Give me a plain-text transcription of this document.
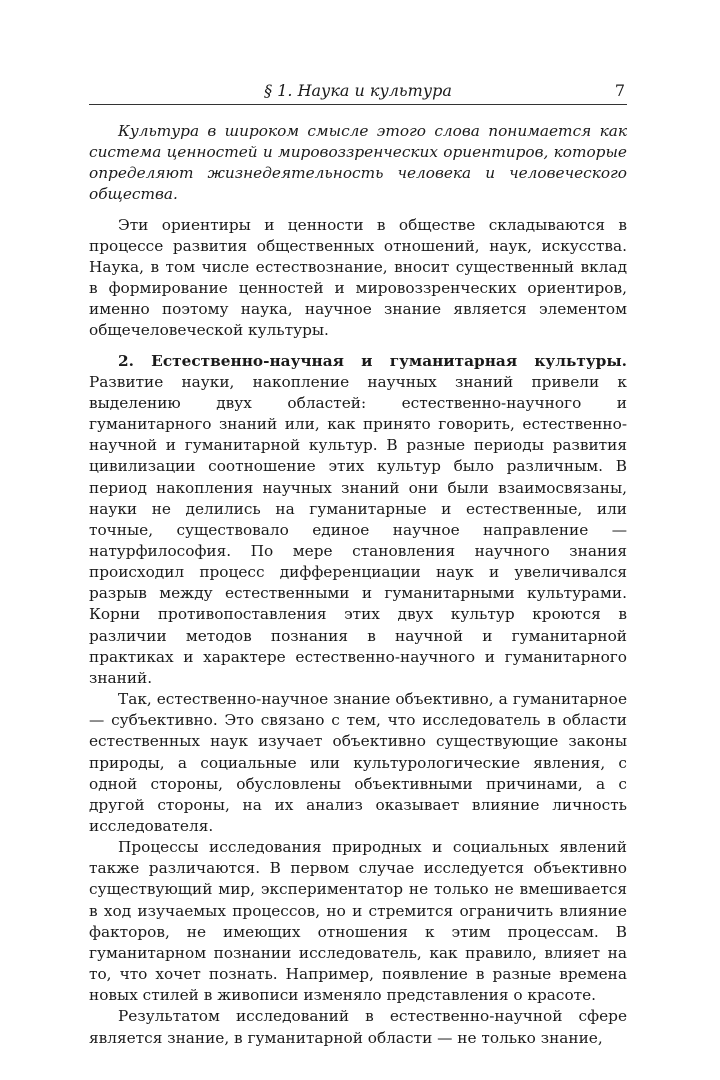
§ 1. Наука и культура	7

Культура в широком смысле этого слова понимается как система ценностей и мировоззренческих ориентиров, которые определяют жизнедеятельность человека и человеческого общества.

Эти ориентиры и ценности в обществе складываются в процессе развития общественных отношений, наук, искусства. Наука, в том числе естествознание, вносит существенный вклад в формирование ценностей и мировоззренческих ориентиров, именно поэтому наука, научное знание является элементом общечеловеческой культуры.

2. Естественно-научная и гуманитарная культуры. Развитие науки, накопление научных знаний привели к выделению двух областей: естественно-научного и гуманитарного знаний или, как принято говорить, естественно-научной и гуманитарной культур. В разные периоды развития цивилизации соотношение этих культур было различным. В период накопления научных знаний они были взаимосвязаны, науки не делились на гуманитарные и естественные, или точные, существовало единое научное направление — натурфилософия. По мере становления научного знания происходил процесс дифференциации наук и увеличивался разрыв между естественными и гуманитарными культурами. Корни противопоставления этих двух культур кроются в различии методов познания в научной и гуманитарной практиках и характере естественно-научного и гуманитарного знаний.

Так, естественно-научное знание объективно, а гуманитарное — субъективно. Это связано с тем, что исследователь в области естественных наук изучает объективно существующие законы природы, а социальные или культурологические явления, с одной стороны, обусловлены объективными причинами, а с другой стороны, на их анализ оказывает влияние личность исследователя.

Процессы исследования природных и социальных явлений также различаются. В первом случае исследуется объективно существующий мир, экспериментатор не только не вмешивается в ход изучаемых процессов, но и стремится ограничить влияние факторов, не имеющих отношения к этим процессам. В гуманитарном познании исследователь, как правило, влияет на то, что хочет познать. Например, появление в разные времена новых стилей в живописи изменяло представления о красоте.

Результатом исследований в естественно-научной сфере является знание, в гуманитарной области — не только знание,
